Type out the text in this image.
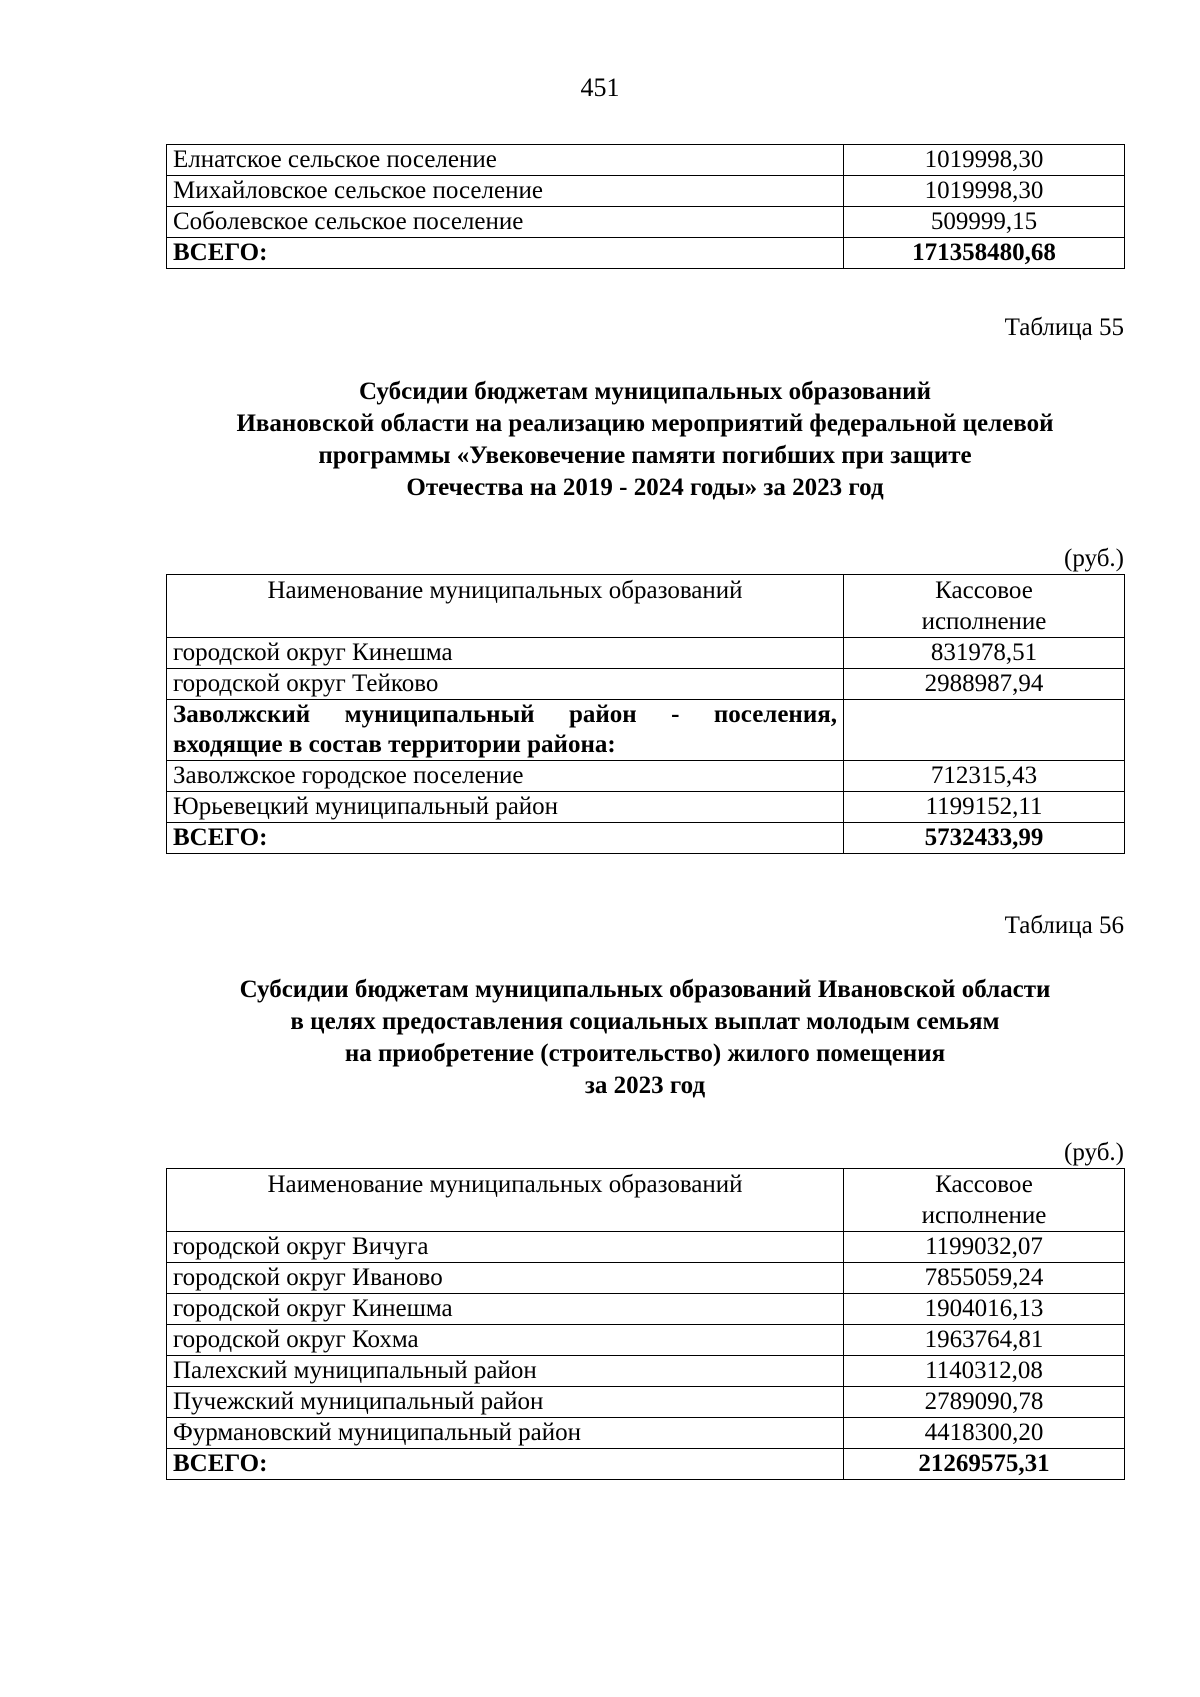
451
Елнатское сельское поселение	1019998,30
Михайловское сельское поселение	1019998,30
Соболевское сельское поселение	509999,15
ВСЕГО:	171358480,68
Таблица 55
Субсидии бюджетам муниципальных образований
Ивановской области на реализацию мероприятий федеральной целевой
программы «Увековечение памяти погибших при защите
Отечества на 2019 - 2024 годы» за 2023 год
(руб.)
Наименование муниципальных образований	Кассовое
исполнение

городской округ Кинешма	831978,51
городской округ Тейково	2988987,94
Заволжский муниципальный район - поселения, входящие в состав территории района:	
Заволжское городское поселение	712315,43
Юрьевецкий муниципальный район	1199152,11
ВСЕГО:	5732433,99
Таблица 56
Субсидии бюджетам муниципальных образований Ивановской области
в целях предоставления социальных выплат молодым семьям
на приобретение (строительство) жилого помещения
за 2023 год
(руб.)
Наименование муниципальных образований	Кассовое
исполнение

городской округ Вичуга	1199032,07
городской округ Иваново	7855059,24
городской округ Кинешма	1904016,13
городской округ Кохма	1963764,81
Палехский муниципальный район	1140312,08
Пучежский муниципальный район	2789090,78
Фурмановский муниципальный район	4418300,20
ВСЕГО:	21269575,31
